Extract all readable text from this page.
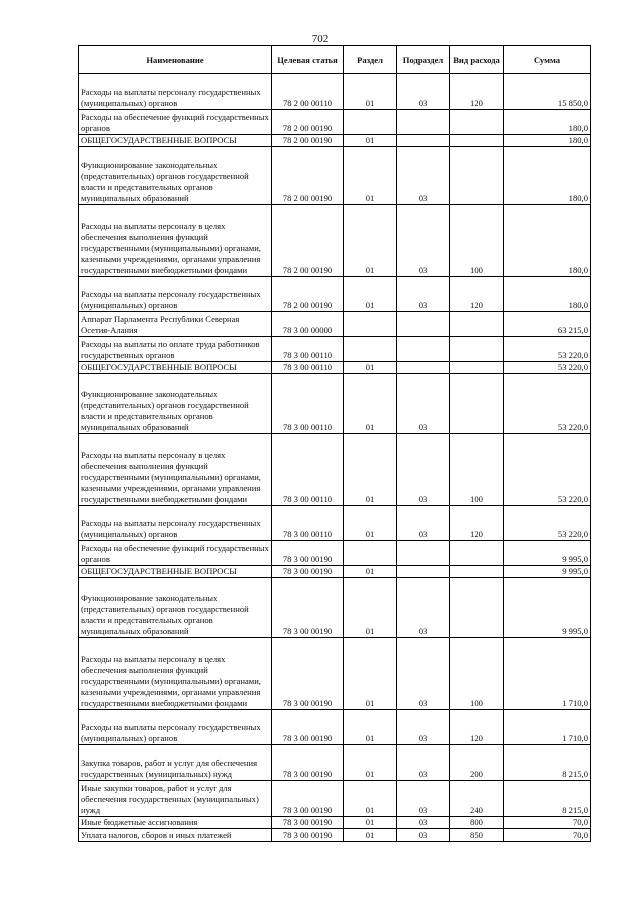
702
Наименование	Целевая статья	Раздел	Подраздел	Вид расхода	Сумма
Расходы на выплаты персоналу государственных (муниципальных) органов	78 2 00 00110	01	03	120	15 850,0
Расходы на обеспечение функций государственных органов	78 2 00 00190				180,0
ОБЩЕГОСУДАРСТВЕННЫЕ ВОПРОСЫ	78 2 00 00190	01			180,0
Функционирование законодательных (представительных) органов государственной власти и представительных органов муниципальных образований	78 2 00 00190	01	03		180,0
Расходы на выплаты персоналу в целях обеспечения выполнения функций государственными (муниципальными) органами, казенными учреждениями, органами управления государственными внебюджетными фондами	78 2 00 00190	01	03	100	180,0
Расходы на выплаты персоналу государственных (муниципальных) органов	78 2 00 00190	01	03	120	180,0
Аппарат Парламента Республики Северная Осетия-Алания	78 3 00 00000				63 215,0
Расходы на выплаты по оплате труда работников государственных органов	78 3 00 00110				53 220,0
ОБЩЕГОСУДАРСТВЕННЫЕ ВОПРОСЫ	78 3 00 00110	01			53 220,0
Функционирование законодательных (представительных) органов государственной власти и представительных органов муниципальных образований	78 3 00 00110	01	03		53 220,0
Расходы на выплаты персоналу в целях обеспечения выполнения функций государственными (муниципальными) органами, казенными учреждениями, органами управления государственными внебюджетными фондами	78 3 00 00110	01	03	100	53 220,0
Расходы на выплаты персоналу государственных (муниципальных) органов	78 3 00 00110	01	03	120	53 220,0
Расходы на обеспечение функций государственных органов	78 3 00 00190				9 995,0
ОБЩЕГОСУДАРСТВЕННЫЕ ВОПРОСЫ	78 3 00 00190	01			9 995,0
Функционирование законодательных (представительных) органов государственной власти и представительных органов муниципальных образований	78 3 00 00190	01	03		9 995,0
Расходы на выплаты персоналу в целях обеспечения выполнения функций государственными (муниципальными) органами, казенными учреждениями, органами управления государственными внебюджетными фондами	78 3 00 00190	01	03	100	1 710,0
Расходы на выплаты персоналу государственных (муниципальных) органов	78 3 00 00190	01	03	120	1 710,0
Закупка товаров, работ и услуг для обеспечения государственных (муниципальных) нужд	78 3 00 00190	01	03	200	8 215,0
Иные закупки товаров, работ и услуг для обеспечения государственных (муниципальных) нужд	78 3 00 00190	01	03	240	8 215,0
Иные бюджетные ассигнования	78 3 00 00190	01	03	800	70,0
Уплата налогов, сборов и иных платежей	78 3 00 00190	01	03	850	70,0
